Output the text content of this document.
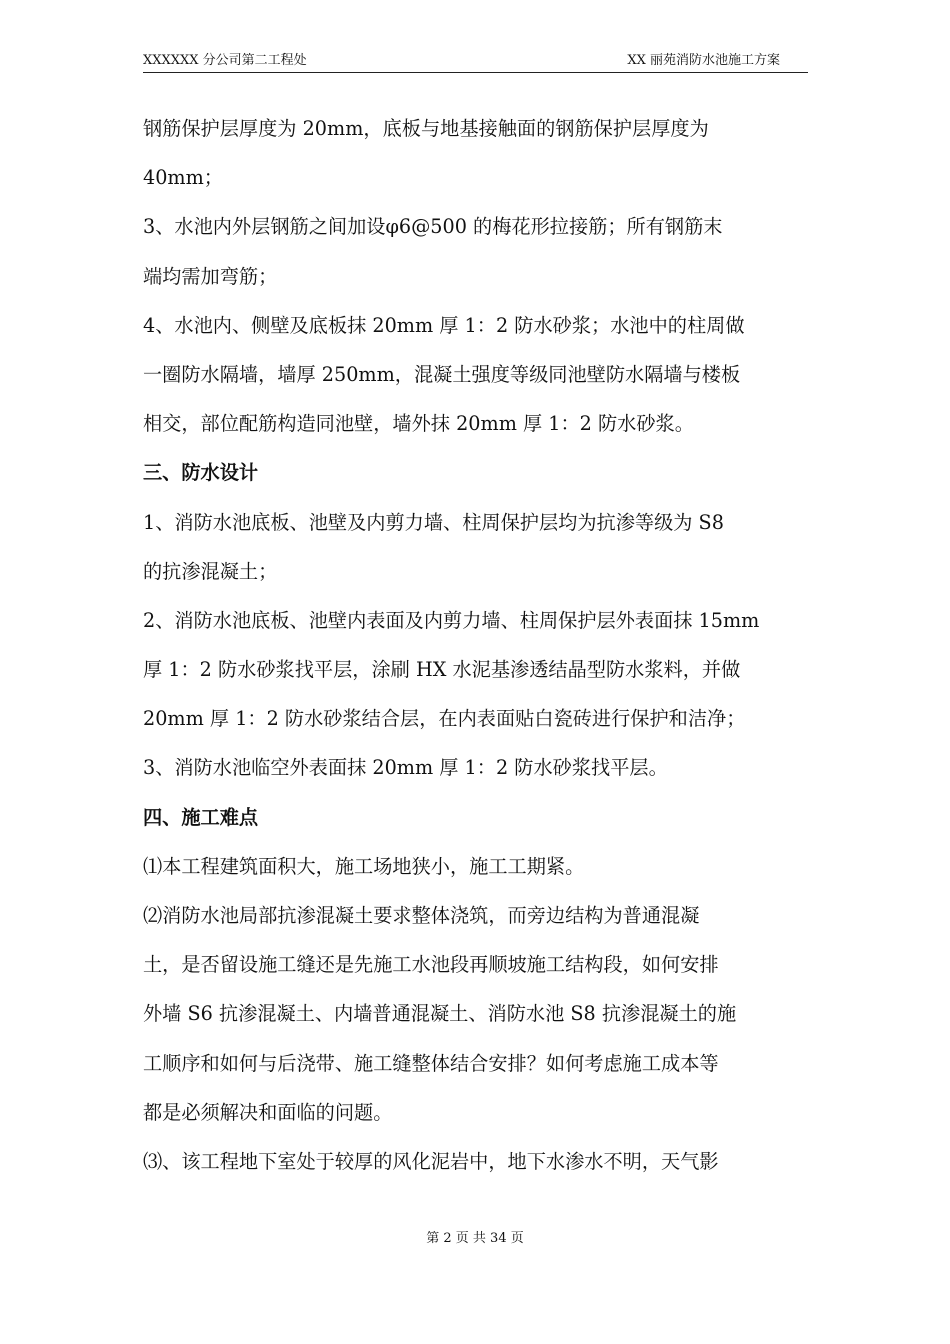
XXXXXX 分公司第二工程处	XX 丽苑消防水池施工方案
钢筋保护层厚度为 20mm，底板与地基接触面的钢筋保护层厚度为
40mm；
3、水池内外层钢筋之间加设φ6@500 的梅花形拉接筋；所有钢筋末
端均需加弯筋；
4、水池内、侧壁及底板抹 20mm 厚 1：2 防水砂浆；水池中的柱周做
一圈防水隔墙，墙厚 250mm，混凝土强度等级同池壁防水隔墙与楼板
相交，部位配筋构造同池壁，墙外抹 20mm 厚 1：2 防水砂浆。
三、防水设计
1、消防水池底板、池壁及内剪力墙、柱周保护层均为抗渗等级为 S8
的抗渗混凝土；
2、消防水池底板、池壁内表面及内剪力墙、柱周保护层外表面抹 15mm
厚 1：2 防水砂浆找平层，涂刷 HX 水泥基渗透结晶型防水浆料，并做
20mm 厚 1：2 防水砂浆结合层，在内表面贴白瓷砖进行保护和洁净；
3、消防水池临空外表面抹 20mm 厚 1：2 防水砂浆找平层。
四、施工难点
⑴本工程建筑面积大，施工场地狭小，施工工期紧。
⑵消防水池局部抗渗混凝土要求整体浇筑，而旁边结构为普通混凝
土，是否留设施工缝还是先施工水池段再顺坡施工结构段，如何安排
外墙 S6 抗渗混凝土、内墙普通混凝土、消防水池 S8 抗渗混凝土的施
工顺序和如何与后浇带、施工缝整体结合安排？如何考虑施工成本等
都是必须解决和面临的问题。
⑶、该工程地下室处于较厚的风化泥岩中，地下水渗水不明，天气影
第 2 页 共 34 页
